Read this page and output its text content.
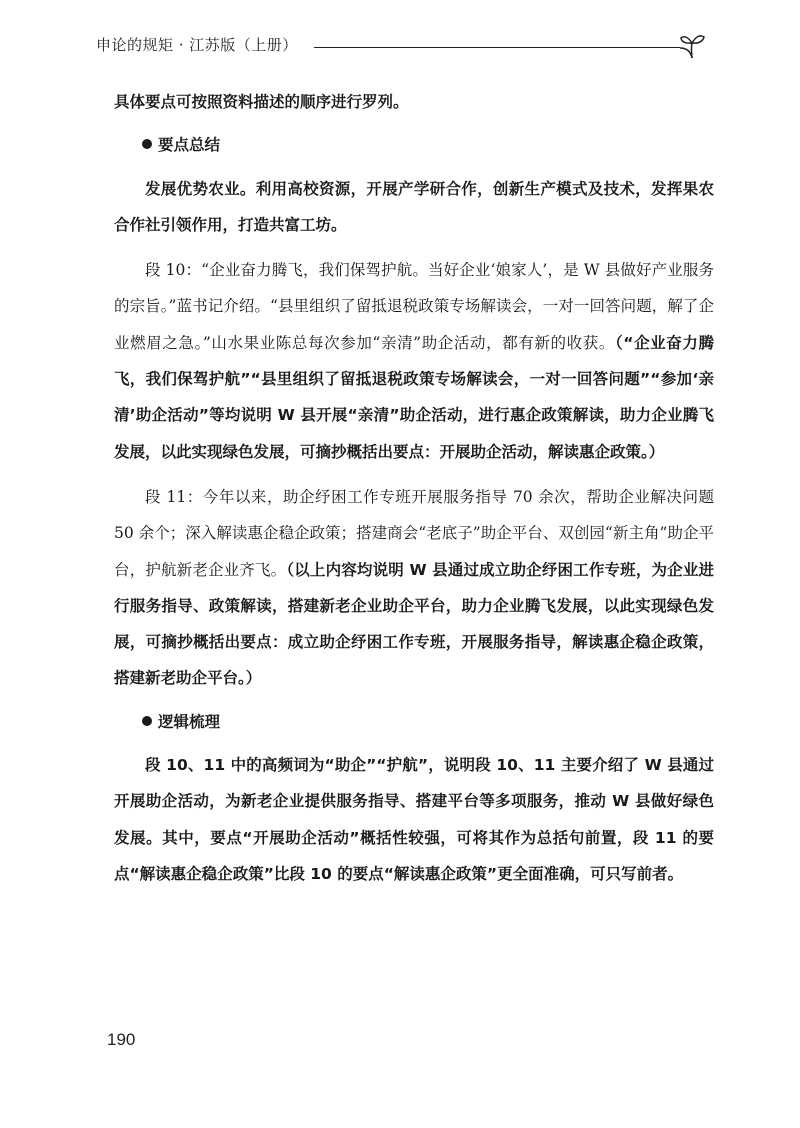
申论的规矩 · 江苏版（上册）

具体要点可按照资料描述的顺序进行罗列。

要点总结

发展优势农业。利用高校资源，开展产学研合作，创新生产模式及技术，发挥果农合作社引领作用，打造共富工坊。

段 10：“企业奋力腾飞，我们保驾护航。当好企业‘娘家人’，是 W 县做好产业服务的宗旨。”蓝书记介绍。“县里组织了留抵退税政策专场解读会，一对一回答问题，解了企业燃眉之急。”山水果业陈总每次参加“亲清”助企活动，都有新的收获。（“企业奋力腾飞，我们保驾护航”“县里组织了留抵退税政策专场解读会，一对一回答问题”“参加‘亲清’助企活动”等均说明 W 县开展“亲清”助企活动，进行惠企政策解读，助力企业腾飞发展，以此实现绿色发展，可摘抄概括出要点：开展助企活动，解读惠企政策。）

段 11：今年以来，助企纾困工作专班开展服务指导 70 余次，帮助企业解决问题 50 余个；深入解读惠企稳企政策；搭建商会“老底子”助企平台、双创园“新主角”助企平台，护航新老企业齐飞。（以上内容均说明 W 县通过成立助企纾困工作专班，为企业进行服务指导、政策解读，搭建新老企业助企平台，助力企业腾飞发展，以此实现绿色发展，可摘抄概括出要点：成立助企纾困工作专班，开展服务指导，解读惠企稳企政策，搭建新老助企平台。）

逻辑梳理

段 10、11 中的高频词为“助企”“护航”，说明段 10、11 主要介绍了 W 县通过开展助企活动，为新老企业提供服务指导、搭建平台等多项服务，推动 W 县做好绿色发展。其中，要点“开展助企活动”概括性较强，可将其作为总括句前置，段 11 的要点“解读惠企稳企政策”比段 10 的要点“解读惠企政策”更全面准确，可只写前者。

190
